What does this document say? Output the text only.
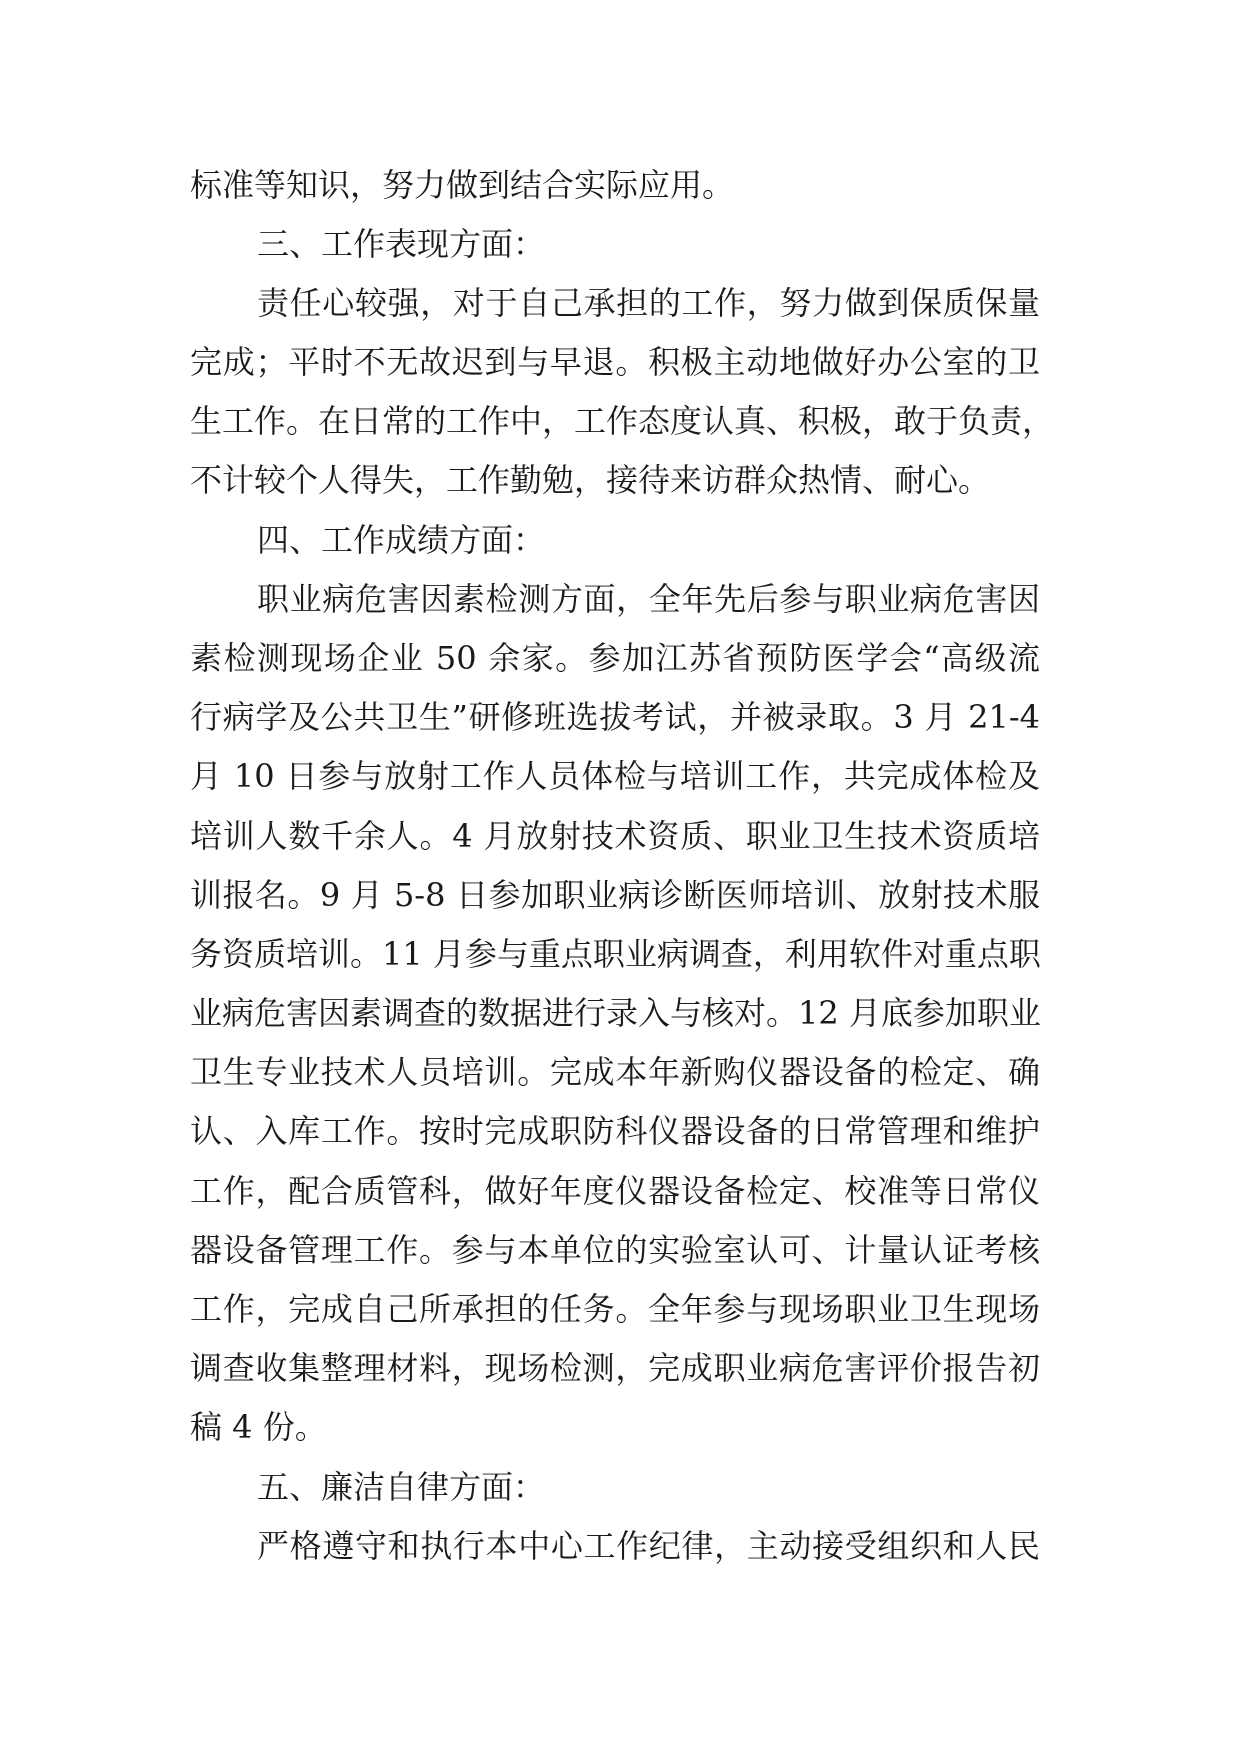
标准等知识，努力做到结合实际应用。
三、工作表现方面：
责任心较强，对于自己承担的工作，努力做到保质保量
完成；平时不无故迟到与早退。积极主动地做好办公室的卫
生工作。在日常的工作中，工作态度认真、积极，敢于负责，
不计较个人得失，工作勤勉，接待来访群众热情、耐心。
四、工作成绩方面：
职业病危害因素检测方面，全年先后参与职业病危害因
素检测现场企业 50 余家。参加江苏省预防医学会“高级流
行病学及公共卫生”研修班选拔考试，并被录取。3 月 21-4
月 10 日参与放射工作人员体检与培训工作，共完成体检及
培训人数千余人。4 月放射技术资质、职业卫生技术资质培
训报名。9 月 5-8 日参加职业病诊断医师培训、放射技术服
务资质培训。11 月参与重点职业病调查，利用软件对重点职
业病危害因素调查的数据进行录入与核对。12 月底参加职业
卫生专业技术人员培训。完成本年新购仪器设备的检定、确
认、入库工作。按时完成职防科仪器设备的日常管理和维护
工作，配合质管科，做好年度仪器设备检定、校准等日常仪
器设备管理工作。参与本单位的实验室认可、计量认证考核
工作，完成自己所承担的任务。全年参与现场职业卫生现场
调查收集整理材料，现场检测，完成职业病危害评价报告初
稿 4 份。
五、廉洁自律方面：
严格遵守和执行本中心工作纪律，主动接受组织和人民
